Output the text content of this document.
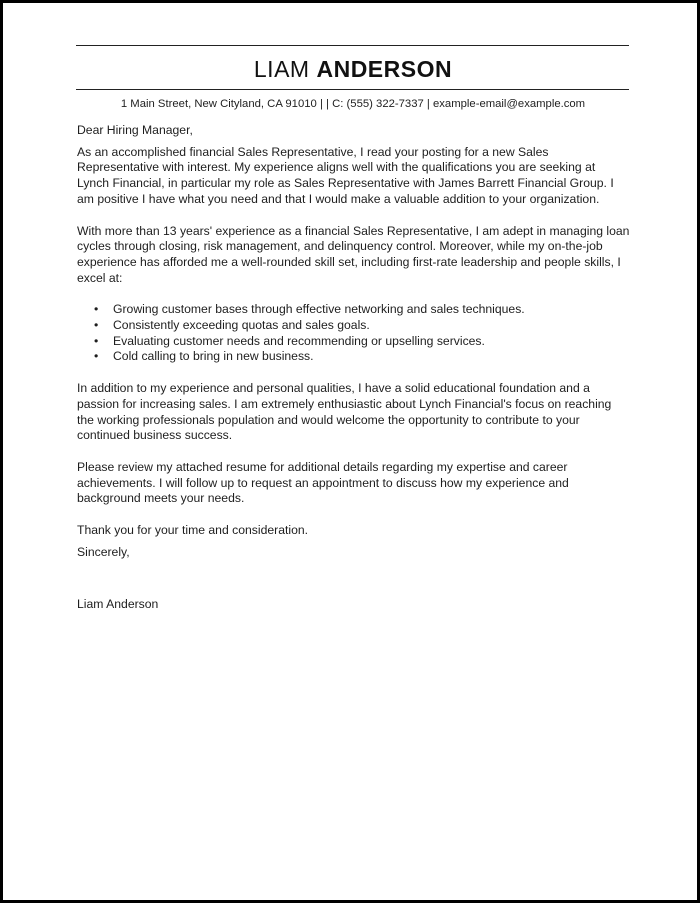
LIAM ANDERSON
1 Main Street, New Cityland, CA 91010 | | C: (555) 322-7337 | example-email@example.com

Dear Hiring Manager,

As an accomplished financial Sales Representative, I read your posting for a new Sales
Representative with interest. My experience aligns well with the qualifications you are seeking at
Lynch Financial, in particular my role as Sales Representative with James Barrett Financial Group. I
am positive I have what you need and that I would make a valuable addition to your organization.

With more than 13 years' experience as a financial Sales Representative, I am adept in managing loan
cycles through closing, risk management, and delinquency control. Moreover, while my on-the-job
experience has afforded me a well-rounded skill set, including first-rate leadership and people skills, I
excel at:

• Growing customer bases through effective networking and sales techniques.
• Consistently exceeding quotas and sales goals.
• Evaluating customer needs and recommending or upselling services.
• Cold calling to bring in new business.

In addition to my experience and personal qualities, I have a solid educational foundation and a
passion for increasing sales. I am extremely enthusiastic about Lynch Financial's focus on reaching
the working professionals population and would welcome the opportunity to contribute to your
continued business success.

Please review my attached resume for additional details regarding my expertise and career
achievements. I will follow up to request an appointment to discuss how my experience and
background meets your needs.

Thank you for your time and consideration.

Sincerely,

Liam Anderson
